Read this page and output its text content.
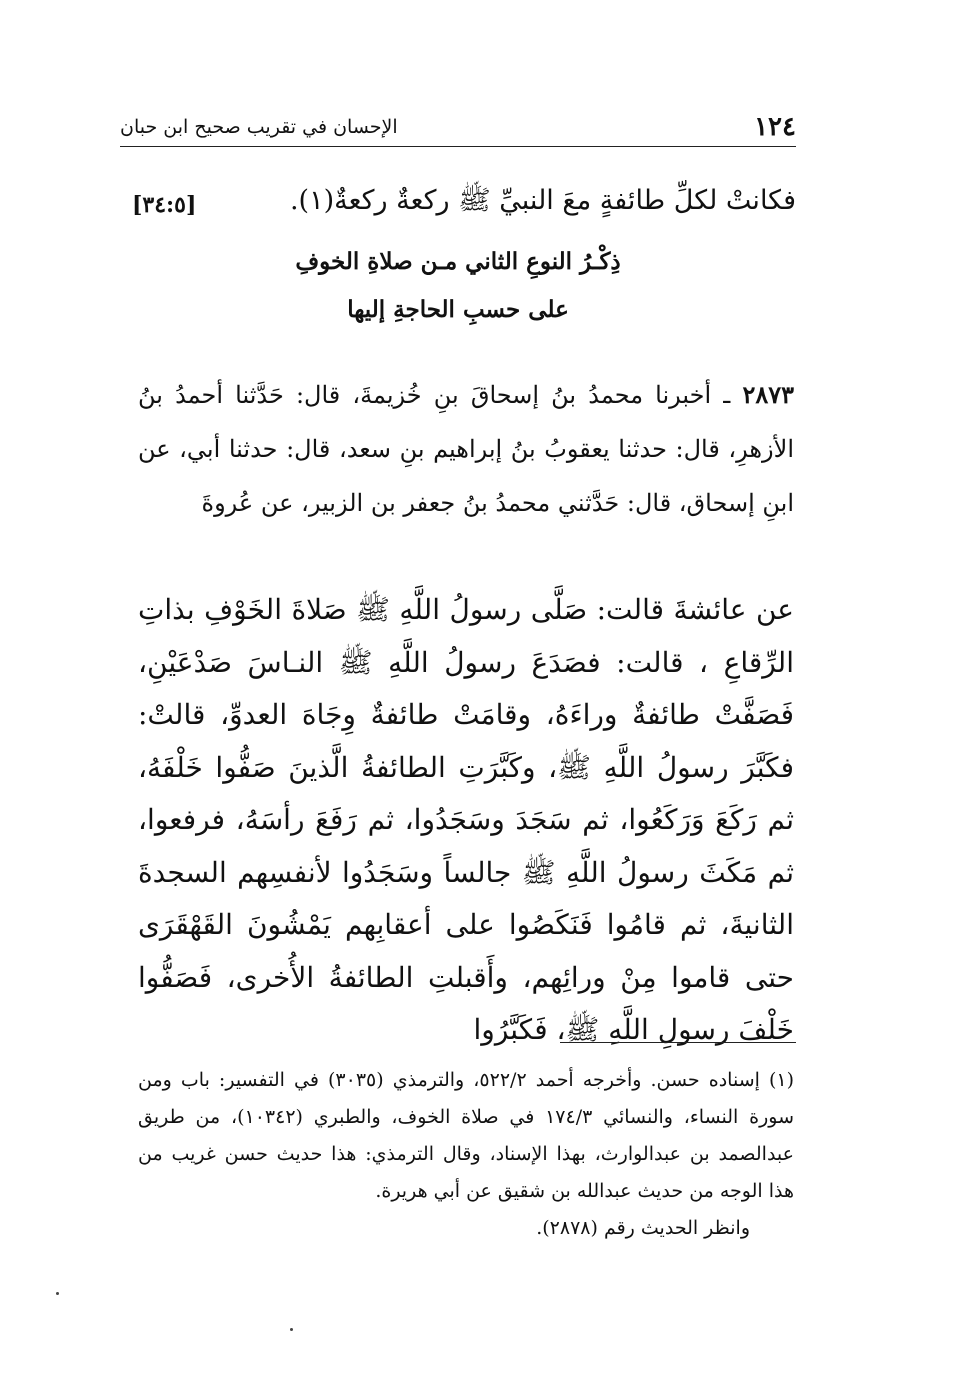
١٢٤
الإحسان في تقريب صحيح ابن حبان
فكانتْ لكلِّ طائفةٍ معَ النبيِّ ﷺ ركعةٌ ركعةٌ(١).
[٣٤:٥]
ذِكْـرُ النوعِ الثاني مـن صلاةِ الخوفِ
على حسبِ الحاجةِ إليها
٢٨٧٣ ـ أخبرنا محمدُ بنُ إسحاقَ بنِ خُزيمةَ، قال: حَدَّثنا أحمدُ بنُ الأزهرِ، قال: حدثنا يعقوبُ بنُ إبراهيم بنِ سعد، قال: حدثنا أبي، عن ابنِ إسحاق، قال: حَدَّثني محمدُ بنُ جعفر بن الزبير، عن عُروةَ
عن عائشةَ قالت: صَلَّى رسولُ اللَّهِ ﷺ صَلاةَ الخَوْفِ بذاتِ الرِّقاعِ ، قالت: فصَدَعَ رسولُ اللَّهِ ﷺ النـاسَ صَدْعَيْنِ، فَصَفَّتْ طائفةٌ وراءَهُ، وقامَتْ طائفةٌ وِجَاهَ العدوِّ، قالتْ: فكَبَّرَ رسولُ اللَّهِ ﷺ، وكَبَّرَتِ الطائفةُ الَّذينَ صَفُّوا خَلْفَهُ، ثم رَكَعَ وَرَكَعُوا، ثم سَجَدَ وسَجَدُوا، ثم رَفَعَ رأسَهُ، فرفعوا، ثم مَكَثَ رسولُ اللَّهِ ﷺ جالساً وسَجَدُوا لأنفسِهم السجدةَ الثانيةَ، ثم قامُوا فَنَكَصُوا على أعقابِهم يَمْشُونَ القَهْقَرَى حتى قاموا مِنْ ورائِهم، وأَقبلتِ الطائفةُ الأُخرى، فَصَفُّوا خَلْفَ رسولِ اللَّهِ ﷺ، فَكَبَّرُوا
(١) إسناده حسن. وأخرجه أحمد ٥٢٢/٢، والترمذي (٣٠٣٥) في التفسير: باب ومن سورة النساء، والنسائي ١٧٤/٣ في صلاة الخوف، والطبري (١٠٣٤٢)، من طريق عبدالصمد بن عبدالوارث، بهذا الإسناد، وقال الترمذي: هذا حديث حسن غريب من هذا الوجه من حديث عبدالله بن شقيق عن أبي هريرة.
وانظر الحديث رقم (٢٨٧٨).
